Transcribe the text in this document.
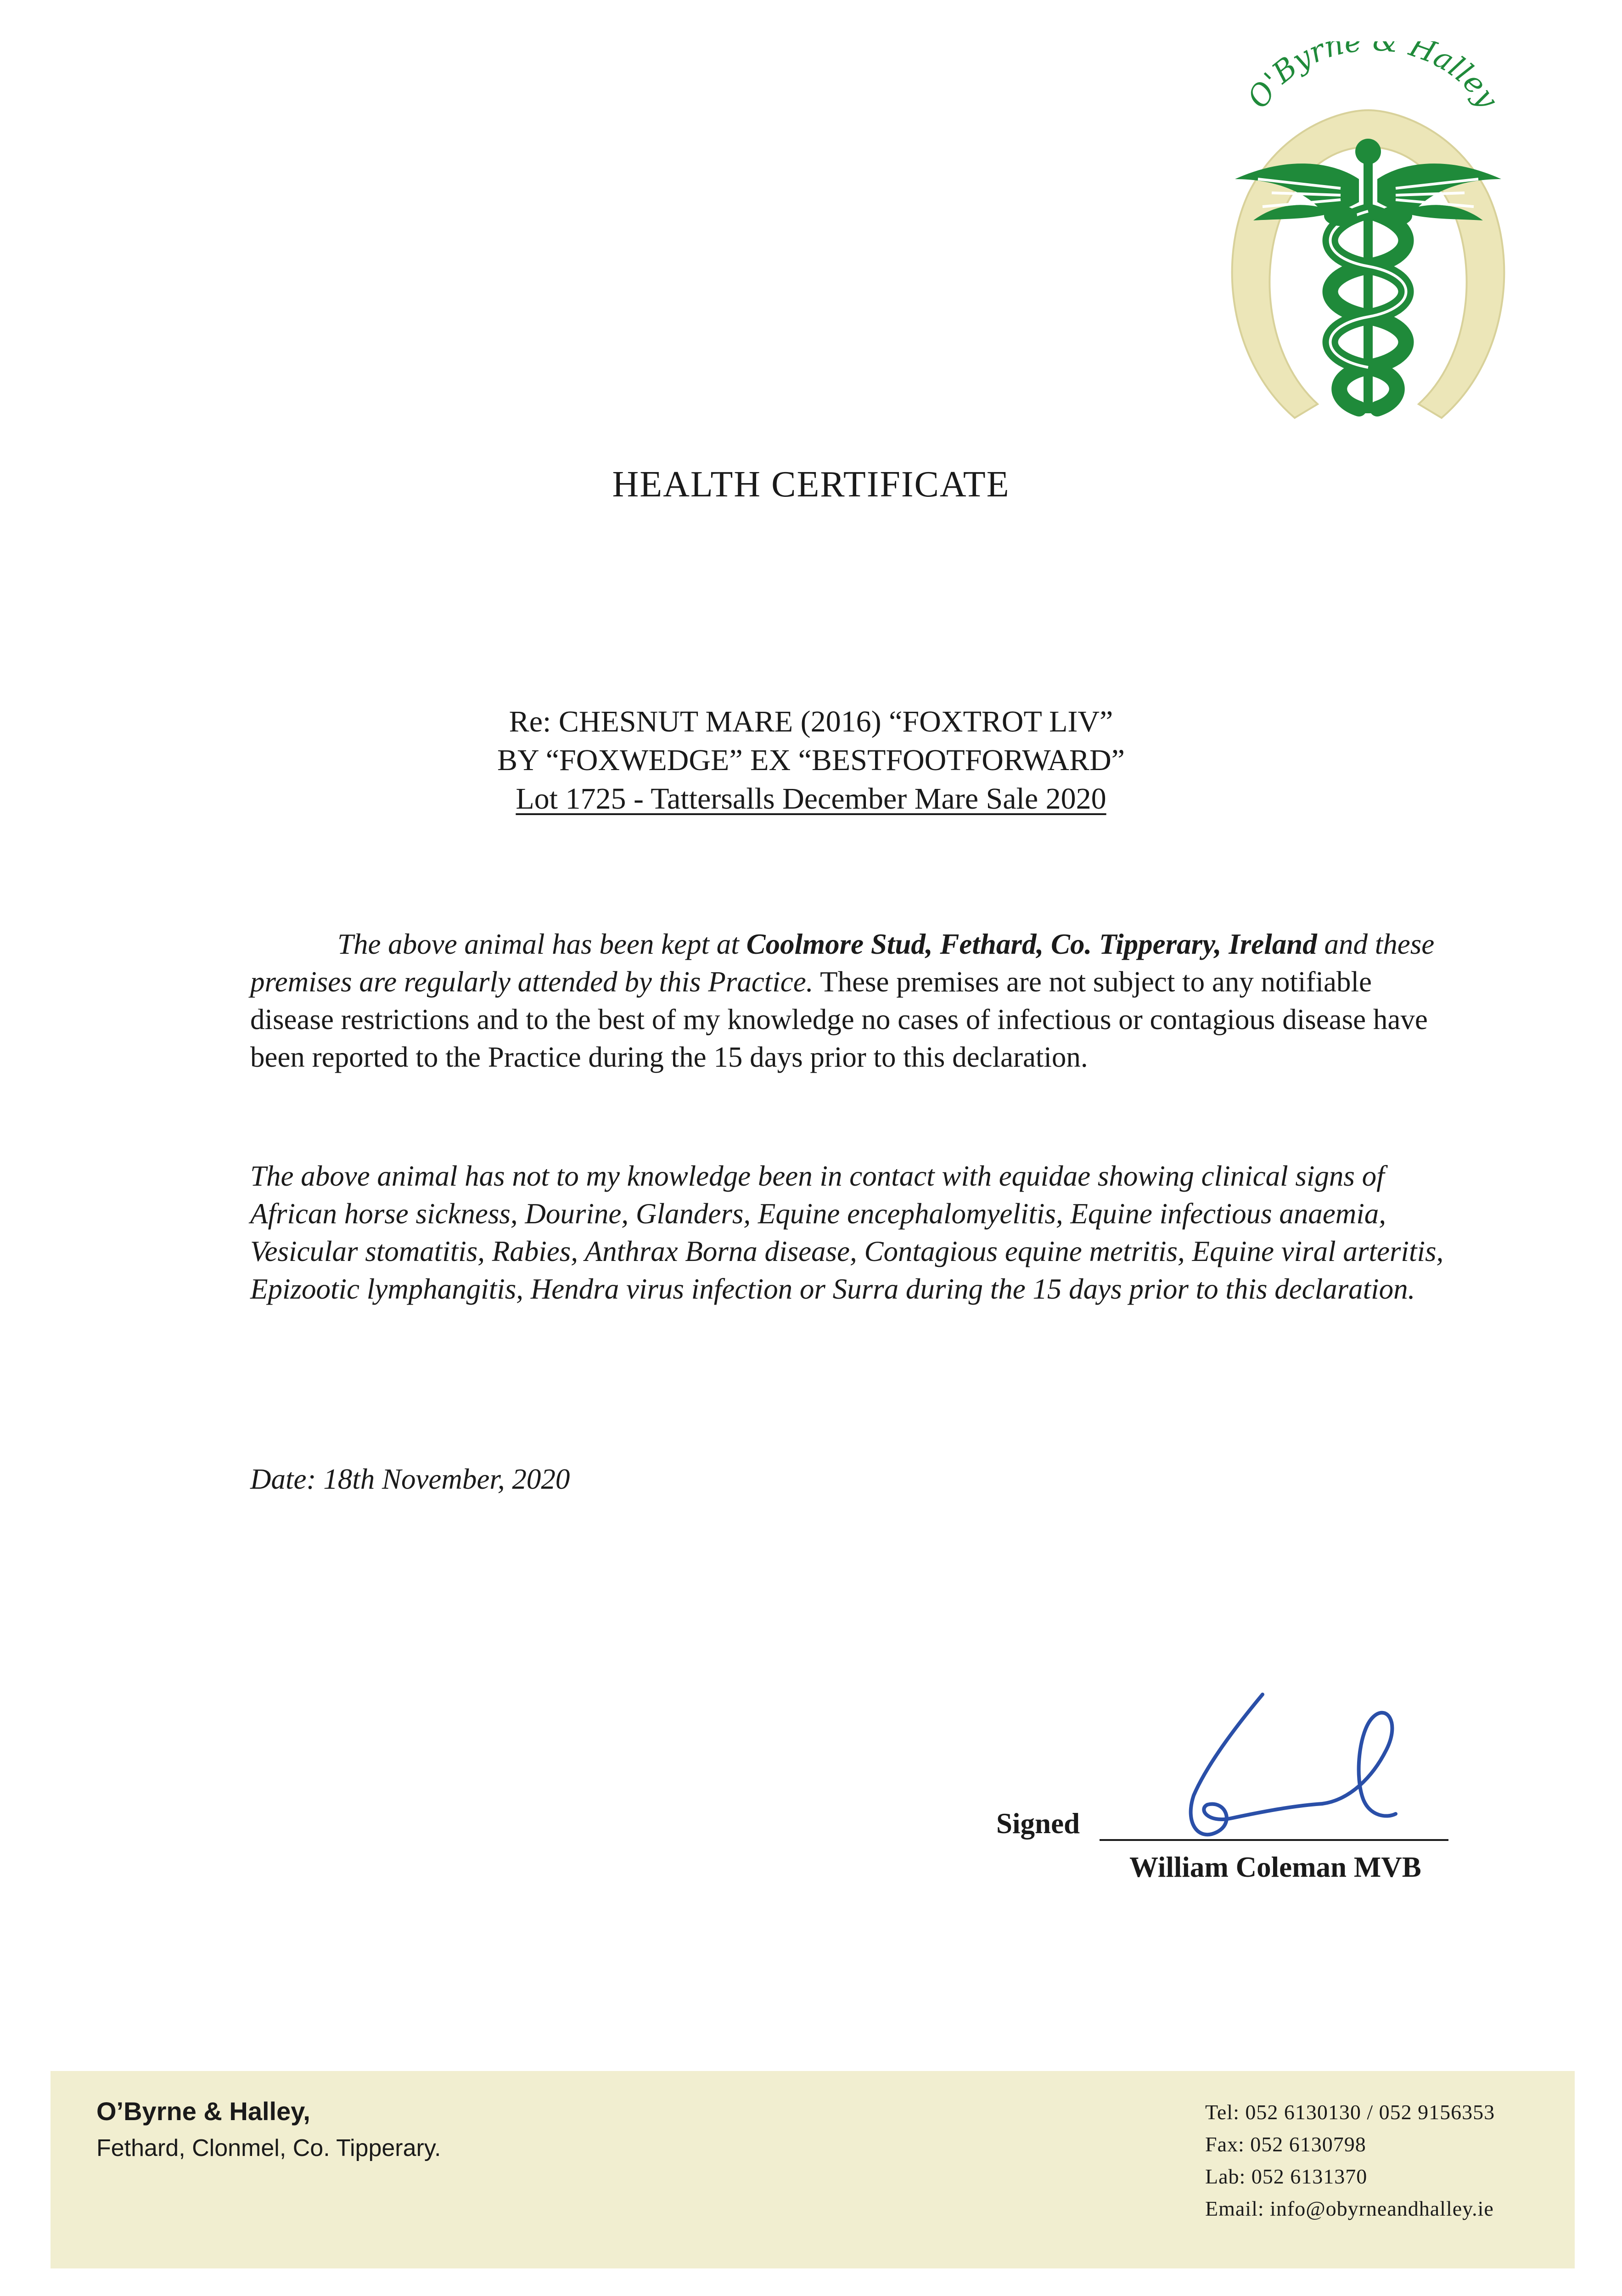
O'Byrne & Halley
HEALTH CERTIFICATE
Re: CHESNUT MARE (2016) “FOXTROT LIV”
BY “FOXWEDGE” EX “BESTFOOTFORWARD”
Lot 1725 - Tattersalls December Mare Sale 2020
The above animal has been kept at Coolmore Stud, Fethard, Co. Tipperary, Ireland and these premises are regularly attended by this Practice. These premises are not subject to any notifiable disease restrictions and to the best of my knowledge no cases of infectious or contagious disease have been reported to the Practice during the 15 days prior to this declaration.
The above animal has not to my knowledge been in contact with equidae showing clinical signs of African horse sickness, Dourine, Glanders, Equine encephalomyelitis, Equine infectious anaemia, Vesicular stomatitis, Rabies, Anthrax Borna disease, Contagious equine metritis, Equine viral arteritis, Epizootic lymphangitis, Hendra virus infection or Surra during the 15 days prior to this declaration.
Date: 18th November, 2020
Signed
William Coleman MVB
O’Byrne & Halley,
Fethard, Clonmel, Co. Tipperary.
Tel: 052 6130130 / 052 9156353
Fax: 052 6130798
Lab: 052 6131370
Email: info@obyrneandhalley.ie
